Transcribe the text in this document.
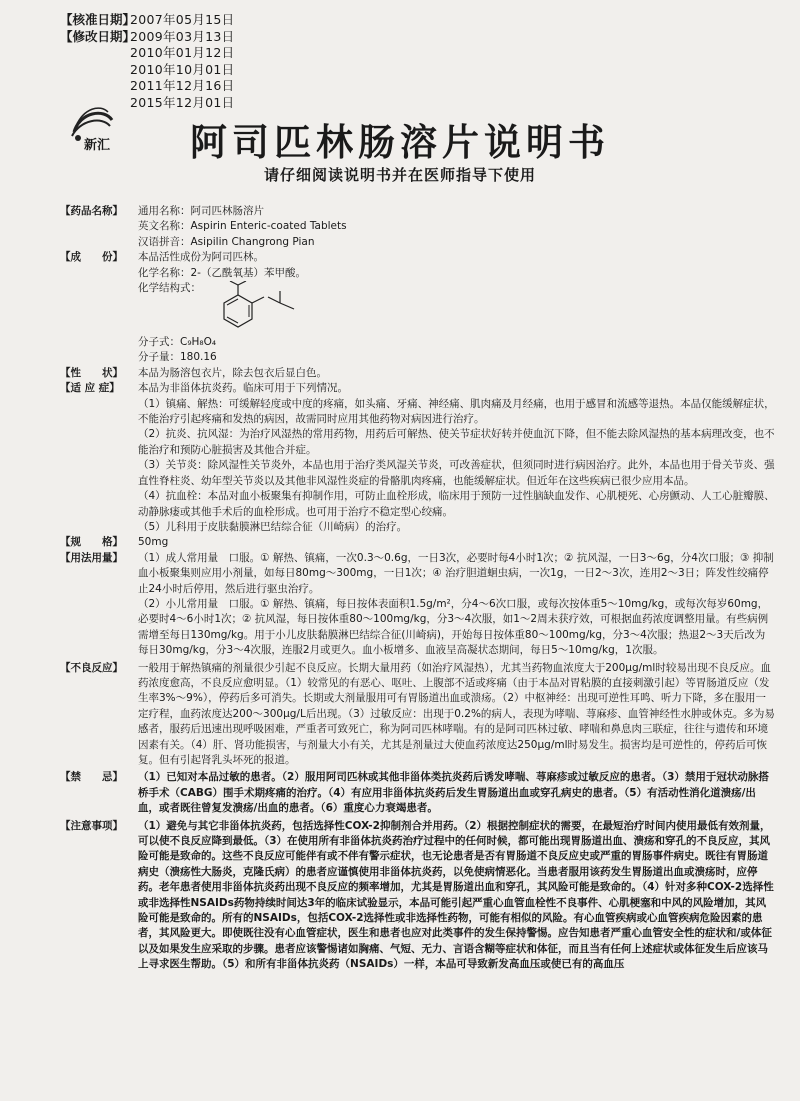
【核准日期】
2007年05月15日
【修改日期】
2009年03月13日
2010年01月12日
2010年10月01日
2011年12月16日
2015年12月01日
新汇	阿司匹林肠溶片说明书
请仔细阅读说明书并在医师指导下使用
【药品名称】	通用名称：阿司匹林肠溶片

英文名称：Aspirin Enteric-coated Tablets

汉语拼音：Asipilin Changrong Pian

【成　　份】	本品活性成份为阿司匹林。

化学名称：2-（乙酰氧基）苯甲酸。

化学结构式：

分子式：C₉H₈O₄

分子量：180.16

【性　　状】	本品为肠溶包衣片，除去包衣后显白色。
【适 应 症】	本品为非甾体抗炎药。临床可用于下列情况。

（1）镇痛、解热：可缓解轻度或中度的疼痛，如头痛、牙痛、神经痛、肌肉痛及月经痛，也用于感冒和流感等退热。本品仅能缓解症状，不能治疗引起疼痛和发热的病因，故需同时应用其他药物对病因进行治疗。

（2）抗炎、抗风湿：为治疗风湿热的常用药物，用药后可解热、使关节症状好转并使血沉下降，但不能去除风湿热的基本病理改变，也不能治疗和预防心脏损害及其他合并症。

（3）关节炎：除风湿性关节炎外，本品也用于治疗类风湿关节炎，可改善症状，但须同时进行病因治疗。此外，本品也用于骨关节炎、强直性脊柱炎、幼年型关节炎以及其他非风湿性炎症的骨骼肌肉疼痛，也能缓解症状。但近年在这些疾病已很少应用本品。

（4）抗血栓：本品对血小板聚集有抑制作用，可防止血栓形成，临床用于预防一过性脑缺血发作、心肌梗死、心房颤动、人工心脏瓣膜、动静脉瘘或其他手术后的血栓形成。也可用于治疗不稳定型心绞痛。

（5）儿科用于皮肤黏膜淋巴结综合征（川崎病）的治疗。

【规　　格】	50mg
【用法用量】	（1）成人常用量　口服。① 解热、镇痛，一次0.3～0.6g，一日3次，必要时每4小时1次；② 抗风湿，一日3～6g，分4次口服；③ 抑制血小板聚集则应用小剂量，如每日80mg～300mg，一日1次；④ 治疗胆道蛔虫病，一次1g，一日2～3次，连用2～3日；阵发性绞痛停止24小时后停用，然后进行驱虫治疗。

（2）小儿常用量　口服。① 解热、镇痛，每日按体表面积1.5g/m²，分4～6次口服，或每次按体重5～10mg/kg，或每次每岁60mg，必要时4～6小时1次；② 抗风湿，每日按体重80～100mg/kg，分3～4次服，如1～2周未获疗效，可根据血药浓度调整用量。有些病例需增至每日130mg/kg。用于小儿皮肤黏膜淋巴结综合征(川崎病)，开始每日按体重80～100mg/kg，分3～4次服；热退2～3天后改为每日30mg/kg，分3～4次服，连服2月或更久。血小板增多、血液呈高凝状态期间，每日5～10mg/kg，1次服。

【不良反应】	一般用于解热镇痛的剂量很少引起不良反应。长期大量用药（如治疗风湿热），尤其当药物血浓度大于200μg/ml时较易出现不良反应。血药浓度愈高，不良反应愈明显。（1）较常见的有恶心、呕吐、上腹部不适或疼痛（由于本品对胃粘膜的直接刺激引起）等胃肠道反应（发生率3%～9%），停药后多可消失。长期或大剂量服用可有胃肠道出血或溃疡。（2）中枢神经：出现可逆性耳鸣、听力下降，多在服用一定疗程，血药浓度达200～300μg/L后出现。（3）过敏反应：出现于0.2%的病人，表现为哮喘、荨麻疹、血管神经性水肿或休克。多为易感者，服药后迅速出现呼吸困难，严重者可致死亡，称为阿司匹林哮喘。有的是阿司匹林过敏、哮喘和鼻息肉三联症，往往与遗传和环境因素有关。（4）肝、肾功能损害，与剂量大小有关，尤其是剂量过大使血药浓度达250μg/ml时易发生。损害均是可逆性的，停药后可恢复。但有引起肾乳头坏死的报道。
【禁　　忌】	（1）已知对本品过敏的患者。（2）服用阿司匹林或其他非甾体类抗炎药后诱发哮喘、荨麻疹或过敏反应的患者。（3）禁用于冠状动脉搭桥手术（CABG）围手术期疼痛的治疗。（4）有应用非甾体抗炎药后发生胃肠道出血或穿孔病史的患者。（5）有活动性消化道溃疡/出血，或者既往曾复发溃疡/出血的患者。（6）重度心力衰竭患者。
【注意事项】	（1）避免与其它非甾体抗炎药，包括选择性COX-2抑制剂合并用药。（2）根据控制症状的需要，在最短治疗时间内使用最低有效剂量，可以使不良反应降到最低。（3）在使用所有非甾体抗炎药治疗过程中的任何时候，都可能出现胃肠道出血、溃疡和穿孔的不良反应，其风险可能是致命的。这些不良反应可能伴有或不伴有警示症状，也无论患者是否有胃肠道不良反应史或严重的胃肠事件病史。既往有胃肠道病史（溃疡性大肠炎，克隆氏病）的患者应谨慎使用非甾体抗炎药，以免使病情恶化。当患者服用该药发生胃肠道出血或溃疡时，应停药。老年患者使用非甾体抗炎药出现不良反应的频率增加，尤其是胃肠道出血和穿孔，其风险可能是致命的。（4）针对多种COX-2选择性或非选择性NSAIDs药物持续时间达3年的临床试验显示，本品可能引起严重心血管血栓性不良事件、心肌梗塞和中风的风险增加，其风险可能是致命的。所有的NSAIDs，包括COX-2选择性或非选择性药物，可能有相似的风险。有心血管疾病或心血管疾病危险因素的患者，其风险更大。即使既往没有心血管症状，医生和患者也应对此类事件的发生保持警惕。应告知患者严重心血管安全性的症状和/或体征以及如果发生应采取的步骤。患者应该警惕诸如胸痛、气短、无力、言语含糊等症状和体征，而且当有任何上述症状或体征发生后应该马上寻求医生帮助。（5）和所有非甾体抗炎药（NSAIDs）一样，本品可导致新发高血压或使已有的高血压
